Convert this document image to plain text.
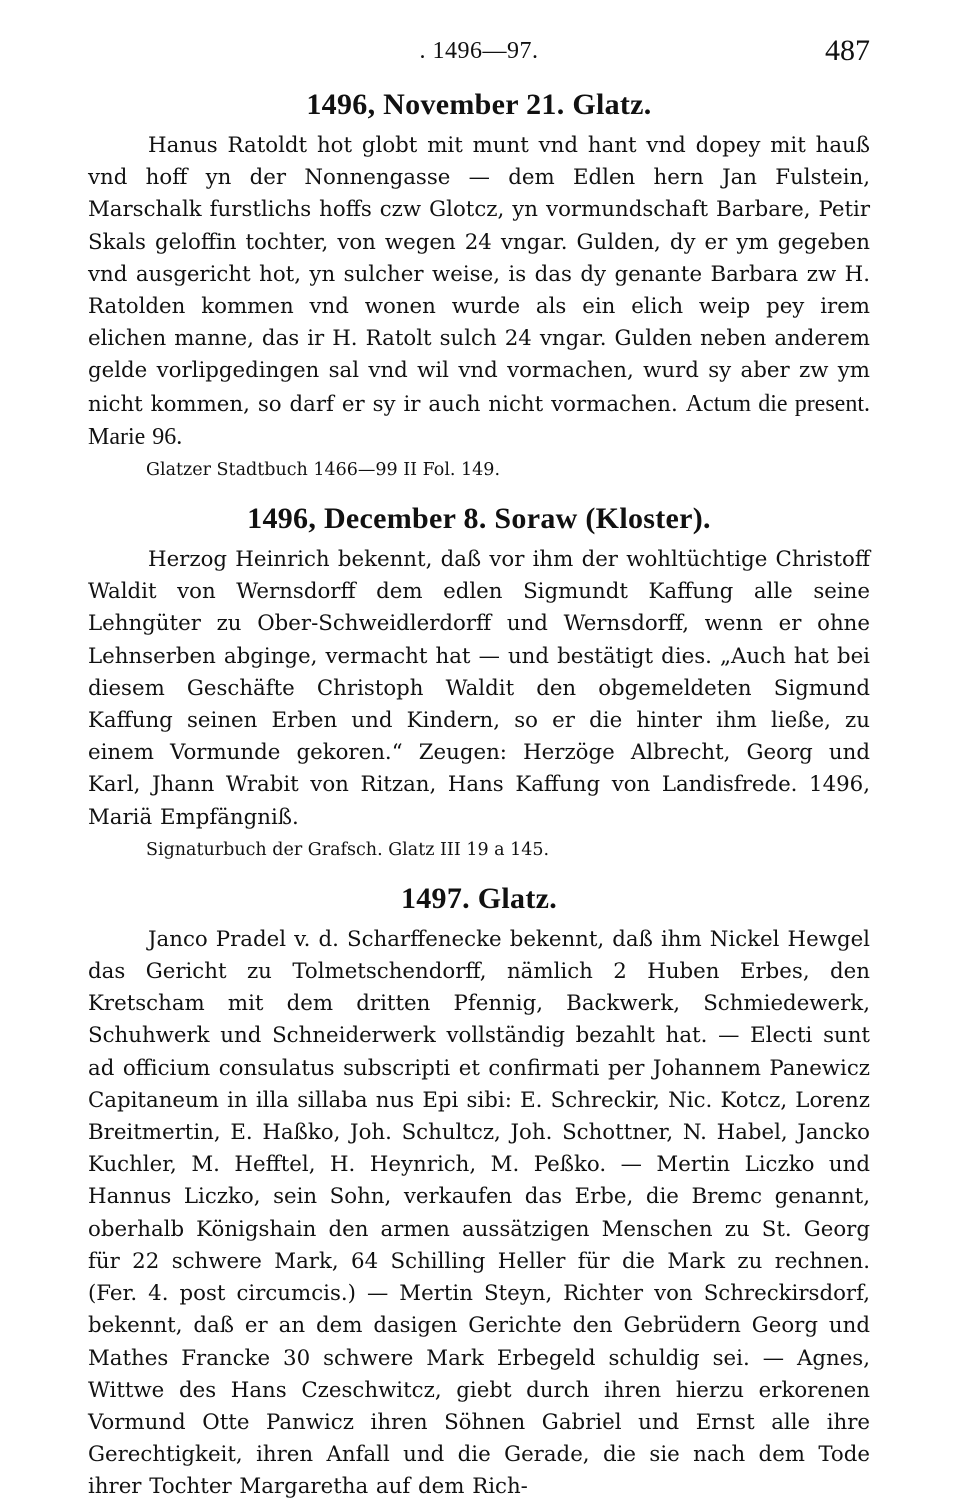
. 1496—97.	487
1496, November 21. Glatz.

Hanus Ratoldt hot globt mit munt vnd hant vnd dopey mit hauß vnd hoff yn der Nonnengasse — dem Edlen hern Jan Fulstein, Marschalk furstlichs hoffs czw Glotcz, yn vormundschaft Barbare, Petir Skals geloffin tochter, von wegen 24 vngar. Gulden, dy er ym gegeben vnd ausgericht hot, yn sulcher weise, is das dy genante Barbara zw H. Ratolden kommen vnd wonen wurde als ein elich weip pey irem elichen manne, das ir H. Ratolt sulch 24 vngar. Gulden neben anderem gelde vorlipgedingen sal vnd wil vnd vormachen, wurd sy aber zw ym nicht kommen, so darf er sy ir auch nicht vormachen. Actum die present. Marie 96.

Glatzer Stadtbuch 1466—99 II Fol. 149.
1496, December 8. Soraw (Kloster).

Herzog Heinrich bekennt, daß vor ihm der wohltüchtige Christoff Waldit von Wernsdorff dem edlen Sigmundt Kaffung alle seine Lehngüter zu Ober-Schweidlerdorff und Wernsdorff, wenn er ohne Lehnserben abginge, vermacht hat — und bestätigt dies. „Auch hat bei diesem Geschäfte Christoph Waldit den obgemeldeten Sigmund Kaffung seinen Erben und Kindern, so er die hinter ihm ließe, zu einem Vormunde gekoren.“ Zeugen: Herzöge Albrecht, Georg und Karl, Jhann Wrabit von Ritzan, Hans Kaffung von Landisfrede. 1496, Mariä Empfängniß.

Signaturbuch der Grafsch. Glatz III 19 a 145.
1497. Glatz.

Janco Pradel v. d. Scharffenecke bekennt, daß ihm Nickel Hewgel das Gericht zu Tolmetschendorff, nämlich 2 Huben Erbes, den Kretscham mit dem dritten Pfennig, Backwerk, Schmiedewerk, Schuhwerk und Schneiderwerk vollständig bezahlt hat. — Electi sunt ad officium consulatus subscripti et confirmati per Johannem Panewicz Capitaneum in illa sillaba nus Epi sibi: E. Schreckir, Nic. Kotcz, Lorenz Breitmertin, E. Haßko, Joh. Schultcz, Joh. Schottner, N. Habel, Jancko Kuchler, M. Hefftel, H. Heynrich, M. Peßko. — Mertin Liczko und Hannus Liczko, sein Sohn, verkaufen das Erbe, die Bremc genannt, oberhalb Königshain den armen aussätzigen Menschen zu St. Georg für 22 schwere Mark, 64 Schilling Heller für die Mark zu rechnen. (Fer. 4. post circumcis.) — Mertin Steyn, Richter von Schreckirsdorf, bekennt, daß er an dem dasigen Gerichte den Gebrüdern Georg und Mathes Francke 30 schwere Mark Erbegeld schuldig sei. — Agnes, Wittwe des Hans Czeschwitcz, giebt durch ihren hierzu erkorenen Vormund Otte Panwicz ihren Söhnen Gabriel und Ernst alle ihre Gerechtigkeit, ihren Anfall und die Gerade, die sie nach dem Tode ihrer Tochter Margaretha auf dem Rich-
